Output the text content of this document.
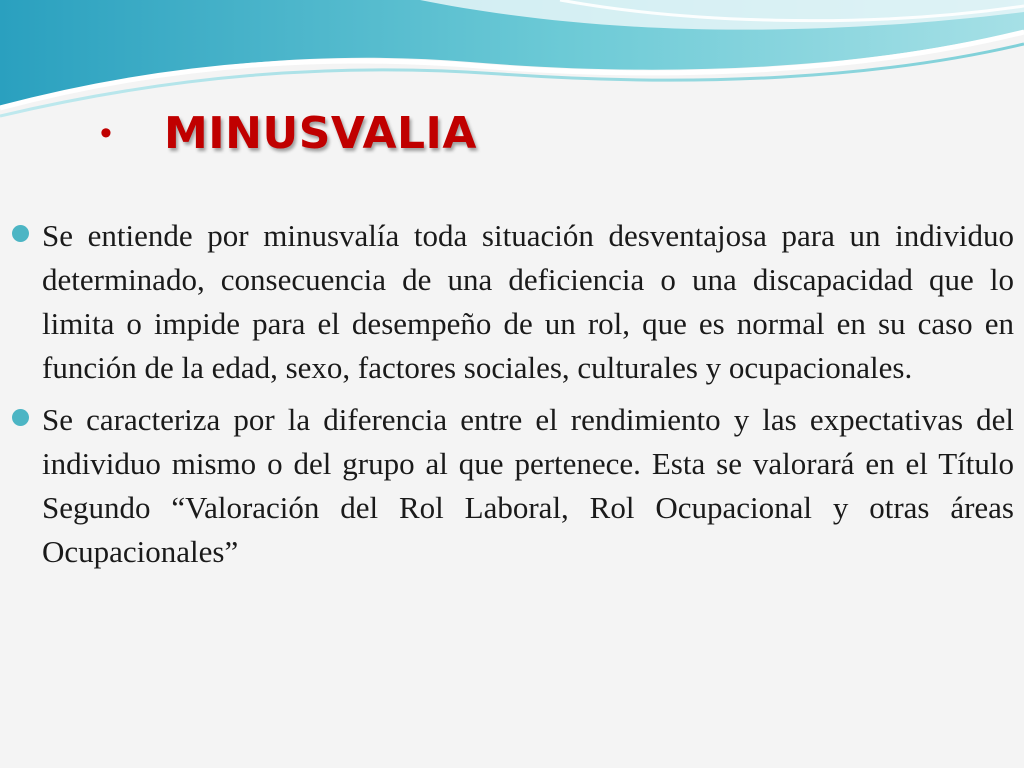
•	MINUSVALIA

Se entiende por minusvalía toda situación desventajosa para un individuo determinado, consecuencia de una deficiencia o una discapacidad que lo limita o impide para el desempeño de un rol, que es normal en su caso en función de la edad, sexo, factores sociales, culturales y ocupacionales.

Se caracteriza por la diferencia entre el rendimiento y las expectativas del individuo mismo o del grupo al que pertenece. Esta se valorará en el Título Segundo “Valoración del Rol Laboral, Rol Ocupacional y otras áreas Ocupacionales”
